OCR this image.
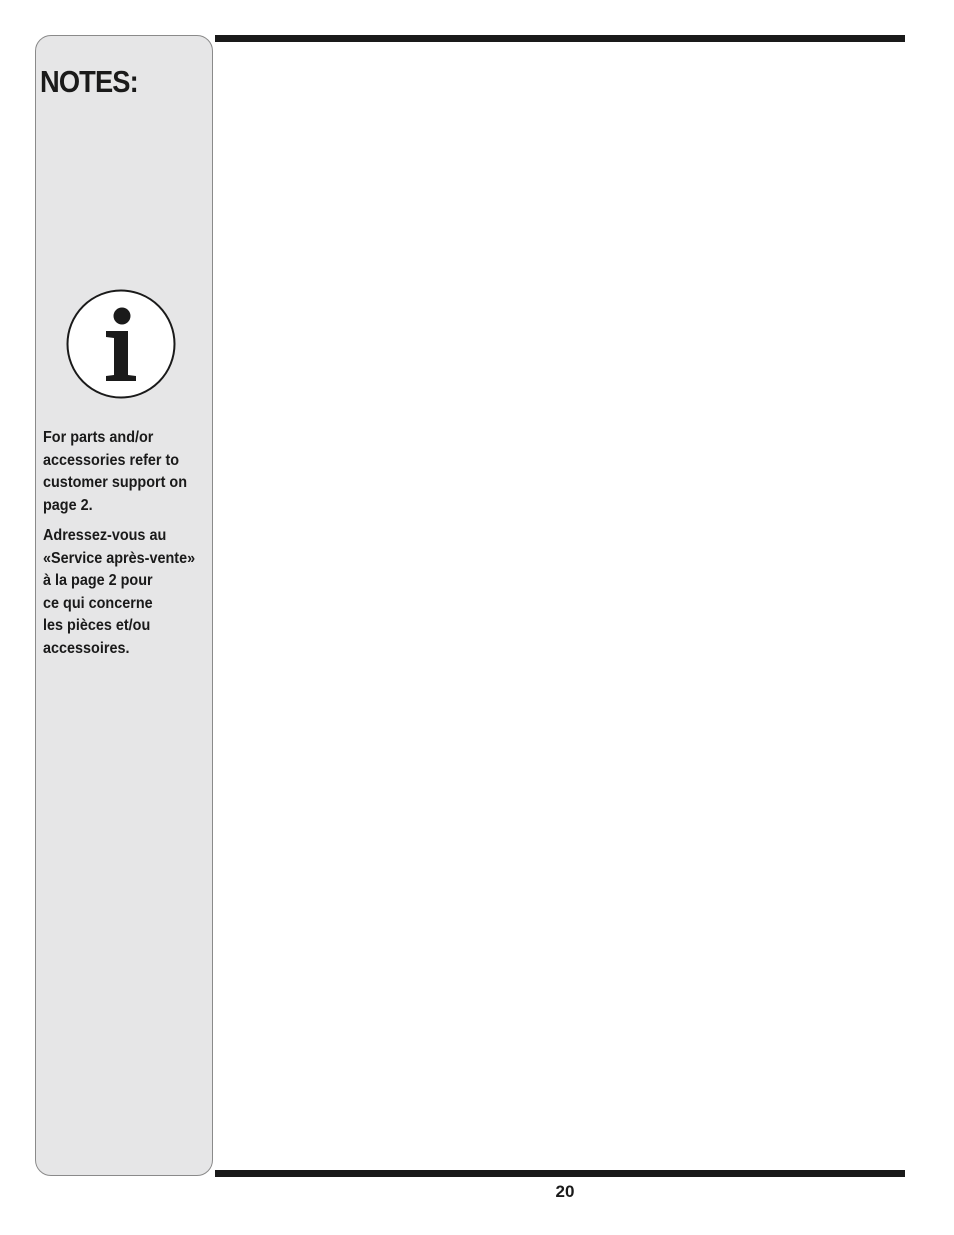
NOTES:
For parts and/or
accessories refer to
customer support on
page 2.
Adressez-vous au
«Service après-vente»
à la page 2 pour
ce qui concerne
les pièces et/ou
accessoires.
20
